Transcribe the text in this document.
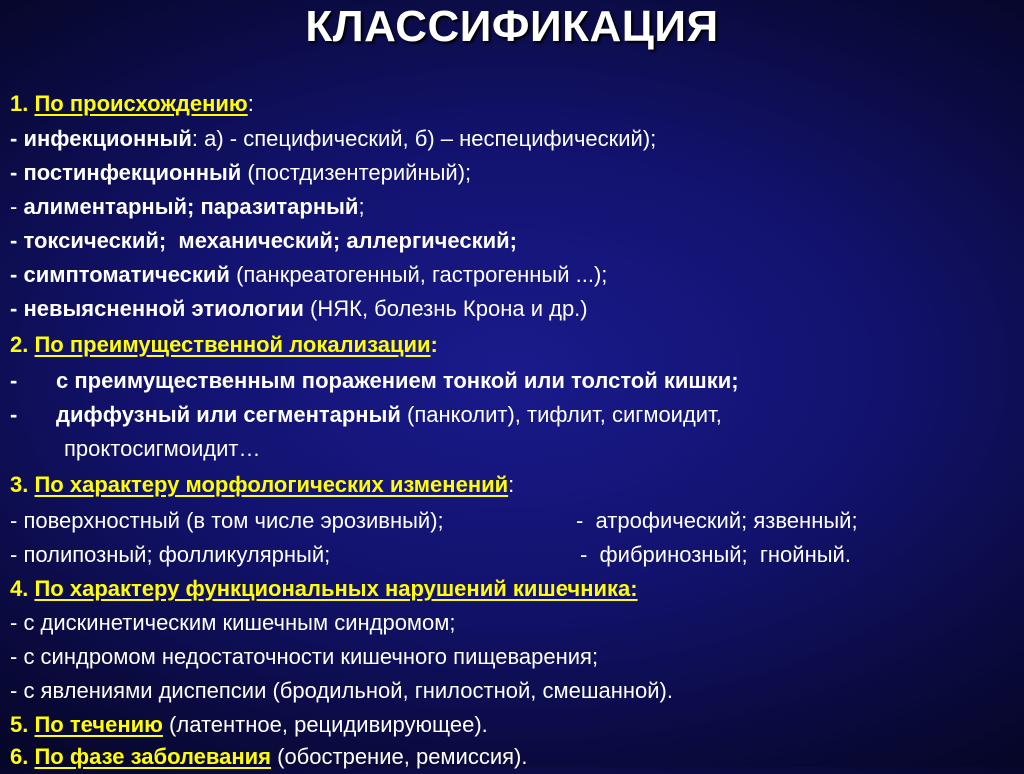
КЛАССИФИКАЦИЯ
1. По происхождению:
- инфекционный: а) - специфический, б) – неспецифический);
- постинфекционный (постдизентерийный);
- алиментарный; паразитарный;
- токсический;  механический; аллергический;
- симптоматический (панкреатогенный, гастрогенный ...);
- невыясненной этиологии (НЯК, болезнь Крона и др.)
2. По преимущественной локализации:
- с преимущественным поражением тонкой или толстой кишки;
- диффузный или сегментарный (панколит), тифлит, сигмоидит,
проктосигмоидит…
3. По характеру морфологических изменений:
- поверхностный (в том числе эрозивный);	-  атрофический; язвенный;
- полипозный; фолликулярный;	-  фибринозный;  гнойный.
4. По характеру функциональных нарушений кишечника:
- с дискинетическим кишечным синдромом;
- с синдромом недостаточности кишечного пищеварения;
- с явлениями диспепсии (бродильной, гнилостной, смешанной).
5. По течению (латентное, рецидивирующее).
6. По фазе заболевания (обострение, ремиссия).
